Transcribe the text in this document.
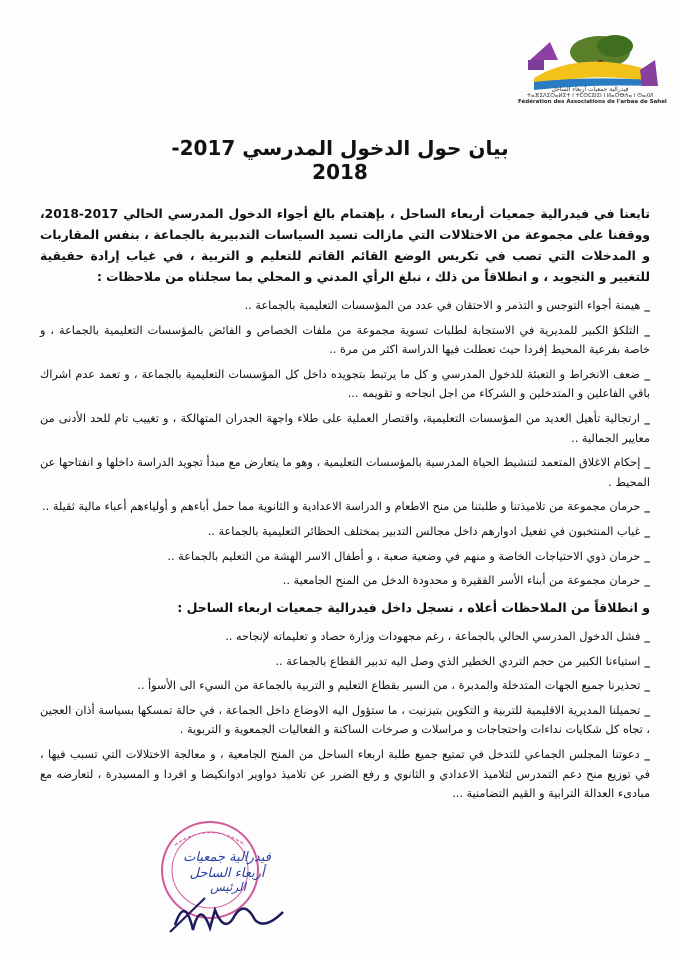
فيدرالية جمعيات أربعاء الساحل
ⵜⴰⴼⵉⴷⵉⵔⴰⵍⵉⵜ ⵏ ⵜⵎⵙⵎⵓⵏⵉⵏ ⵏ ⵍⴰⵔⴱⵄⴰ ⵏ ⵙⴰⵃⵍ
Fédération des Associations de l'arbaa de Sahel
بيان حول الدخول المدرسي 2017- 2018
تابعنا في فيدرالية جمعيات أربعاء الساحل ، بإهتمام بالغ أجواء الدخول المدرسي الحالي 2017-2018، ووقفنا على مجموعة من الاختلالات التي مازالت تسيد السياسات التدبيرية بالجماعة ، بنفس المقاربات و المدخلات التي تصب في تكريس الوضع القائم القاتم للتعليم و التربية ، في غياب إرادة حقيقية للتغيير و التجويد ، و انطلاقاً من ذلك ، نبلغ الرأي المدني و المحلي بما سجلناه من ملاحظات :
_ هيمنة أجواء التوجس و التذمر و الاحتقان في عدد من المؤسسات التعليمية بالجماعة ..
_ التلكؤ الكبير للمديرية في الاستجابة لطلبات تسوية مجموعة من ملفات الخصاص و الفائض بالمؤسسات التعليمية بالجماعة ، و خاصة بفرعية المحيط إفردا حيث تعطلت فيها الدراسة اكثر من مرة ..
_ ضعف الانخراط و التعبئة للدخول المدرسي و كل ما يرتبط بتجويده داخل كل المؤسسات التعليمية بالجماعة ، و تعمد عدم اشراك باقي الفاعلين و المتدخلين و الشركاء من اجل انجاحه و تقويمه ...
_ ارتجالية تأهيل العديد من المؤسسات التعليمية، واقتصار العملية على طلاء واجهة الجدران المتهالكة ، و تغييب تام للحد الأدنى من معايير الجمالية ..
_ إحكام الاغلاق المتعمد لتنشيط الحياة المدرسية بالمؤسسات التعليمية ، وهو ما يتعارض مع مبدأ تجويد الدراسة داخلها و انفتاحها عن المحيط .
_ حرمان مجموعة من تلاميذتنا و طلبتنا من منح الاطعام و الدراسة الاعدادية و الثانوية مما حمل أباءهم و أولياءهم أعباء مالية ثقيلة ..
_ غياب المنتخبون في تفعيل ادوارهم داخل مجالس التدبير بمختلف الحظائر التعليمية بالجماعة ..
_ حرمان ذوي الاحتياجات الخاصة و منهم في وضعية صعبة ، و أطفال الاسر الهشة من التعليم بالجماعة ..
_ حرمان مجموعة من أبناء الأسر الفقيرة و محدودة الدخل من المنح الجامعية ..
و انطلاقاً من الملاحظات أعلاه ، نسجل داخل فيدرالية جمعيات اربعاء الساحل :
_ فشل الدخول المدرسي الحالي بالجماعة ، رغم مجهودات وزارة حصاد و تعليماته لإنجاحه ..
_ استياءنا الكبير من حجم التردي الخطير الذي وصل اليه تدبير القطاع بالجماعة ..
_ تحذيرنا جميع الجهات المتدخلة والمدبرة ، من السير بقطاع التعليم و التربية بالجماعة من السيء الى الأسوأ ..
_ تحميلنا المديرية الاقليمية للتربية و التكوين بتيزنيت ، ما ستؤول اليه الاوضاع داخل الجماعة ، في حالة تمسكها بسياسة أذان العجين ، تجاه كل شكايات نداءات واحتجاجات و مراسلات و صرخات الساكنة و الفعاليات الجمعوية و التربوية .
_ دعوتنا المجلس الجماعي للتدخل في تمتيع جميع طلبة اربعاء الساحل من المنح الجامعية ، و معالجة الاختلالات التي تسبب فيها ، في توزيع منح دعم التمدرس لتلاميذ الاعدادي و الثانوي و رفع الضرر عن تلاميذ دواوير ادوانكيضا و افردا و المسيدرة ، لتعارضه مع مبادىء العدالة الترابية و القيم التضامنية ...
فيدرالية جمعيات أربعاء الساحل
الرئيس
